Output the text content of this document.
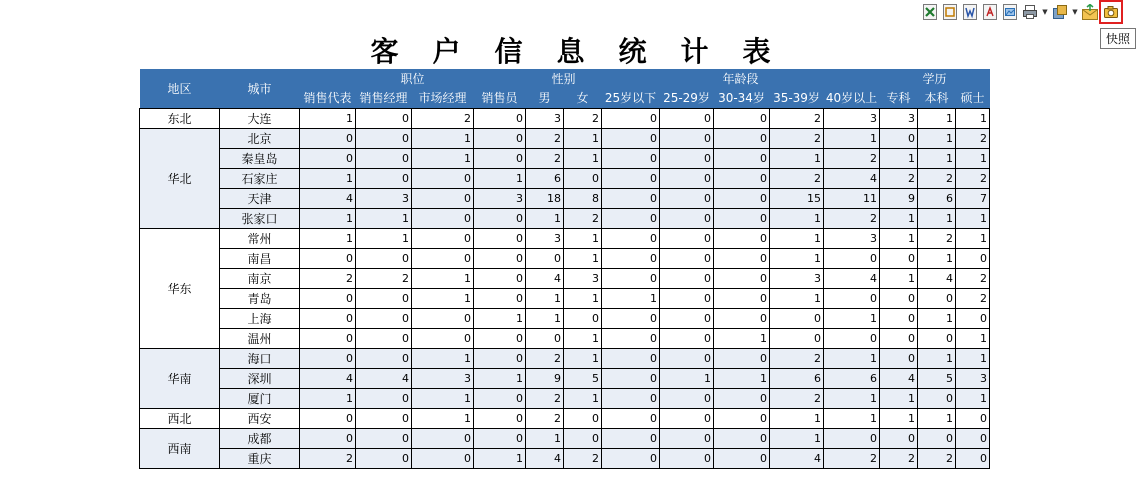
▼	▼
快照
客户信息统计表
地区	城市	职位				性别		年龄段					学历		
		销售代表	销售经理	市场经理	销售员	男	女	25岁以下	25-29岁	30-34岁	35-39岁	40岁以上	专科	本科	硕士
东北	大连	1	0	2	0	3	2	0	0	0	2	3	3	1	1
华北	北京	0	0	1	0	2	1	0	0	0	2	1	0	1	2
	秦皇岛	0	0	1	0	2	1	0	0	0	1	2	1	1	1
	石家庄	1	0	0	1	6	0	0	0	0	2	4	2	2	2
	天津	4	3	0	3	18	8	0	0	0	15	11	9	6	7
	张家口	1	1	0	0	1	2	0	0	0	1	2	1	1	1
华东	常州	1	1	0	0	3	1	0	0	0	1	3	1	2	1
	南昌	0	0	0	0	0	1	0	0	0	1	0	0	1	0
	南京	2	2	1	0	4	3	0	0	0	3	4	1	4	2
	青岛	0	0	1	0	1	1	1	0	0	1	0	0	0	2
	上海	0	0	0	1	1	0	0	0	0	0	1	0	1	0
	温州	0	0	0	0	0	1	0	0	1	0	0	0	0	1
华南	海口	0	0	1	0	2	1	0	0	0	2	1	0	1	1
	深圳	4	4	3	1	9	5	0	1	1	6	6	4	5	3
	厦门	1	0	1	0	2	1	0	0	0	2	1	1	0	1
西北	西安	0	0	1	0	2	0	0	0	0	1	1	1	1	0
西南	成都	0	0	0	0	1	0	0	0	0	1	0	0	0	0
	重庆	2	0	0	1	4	2	0	0	0	4	2	2	2	0
